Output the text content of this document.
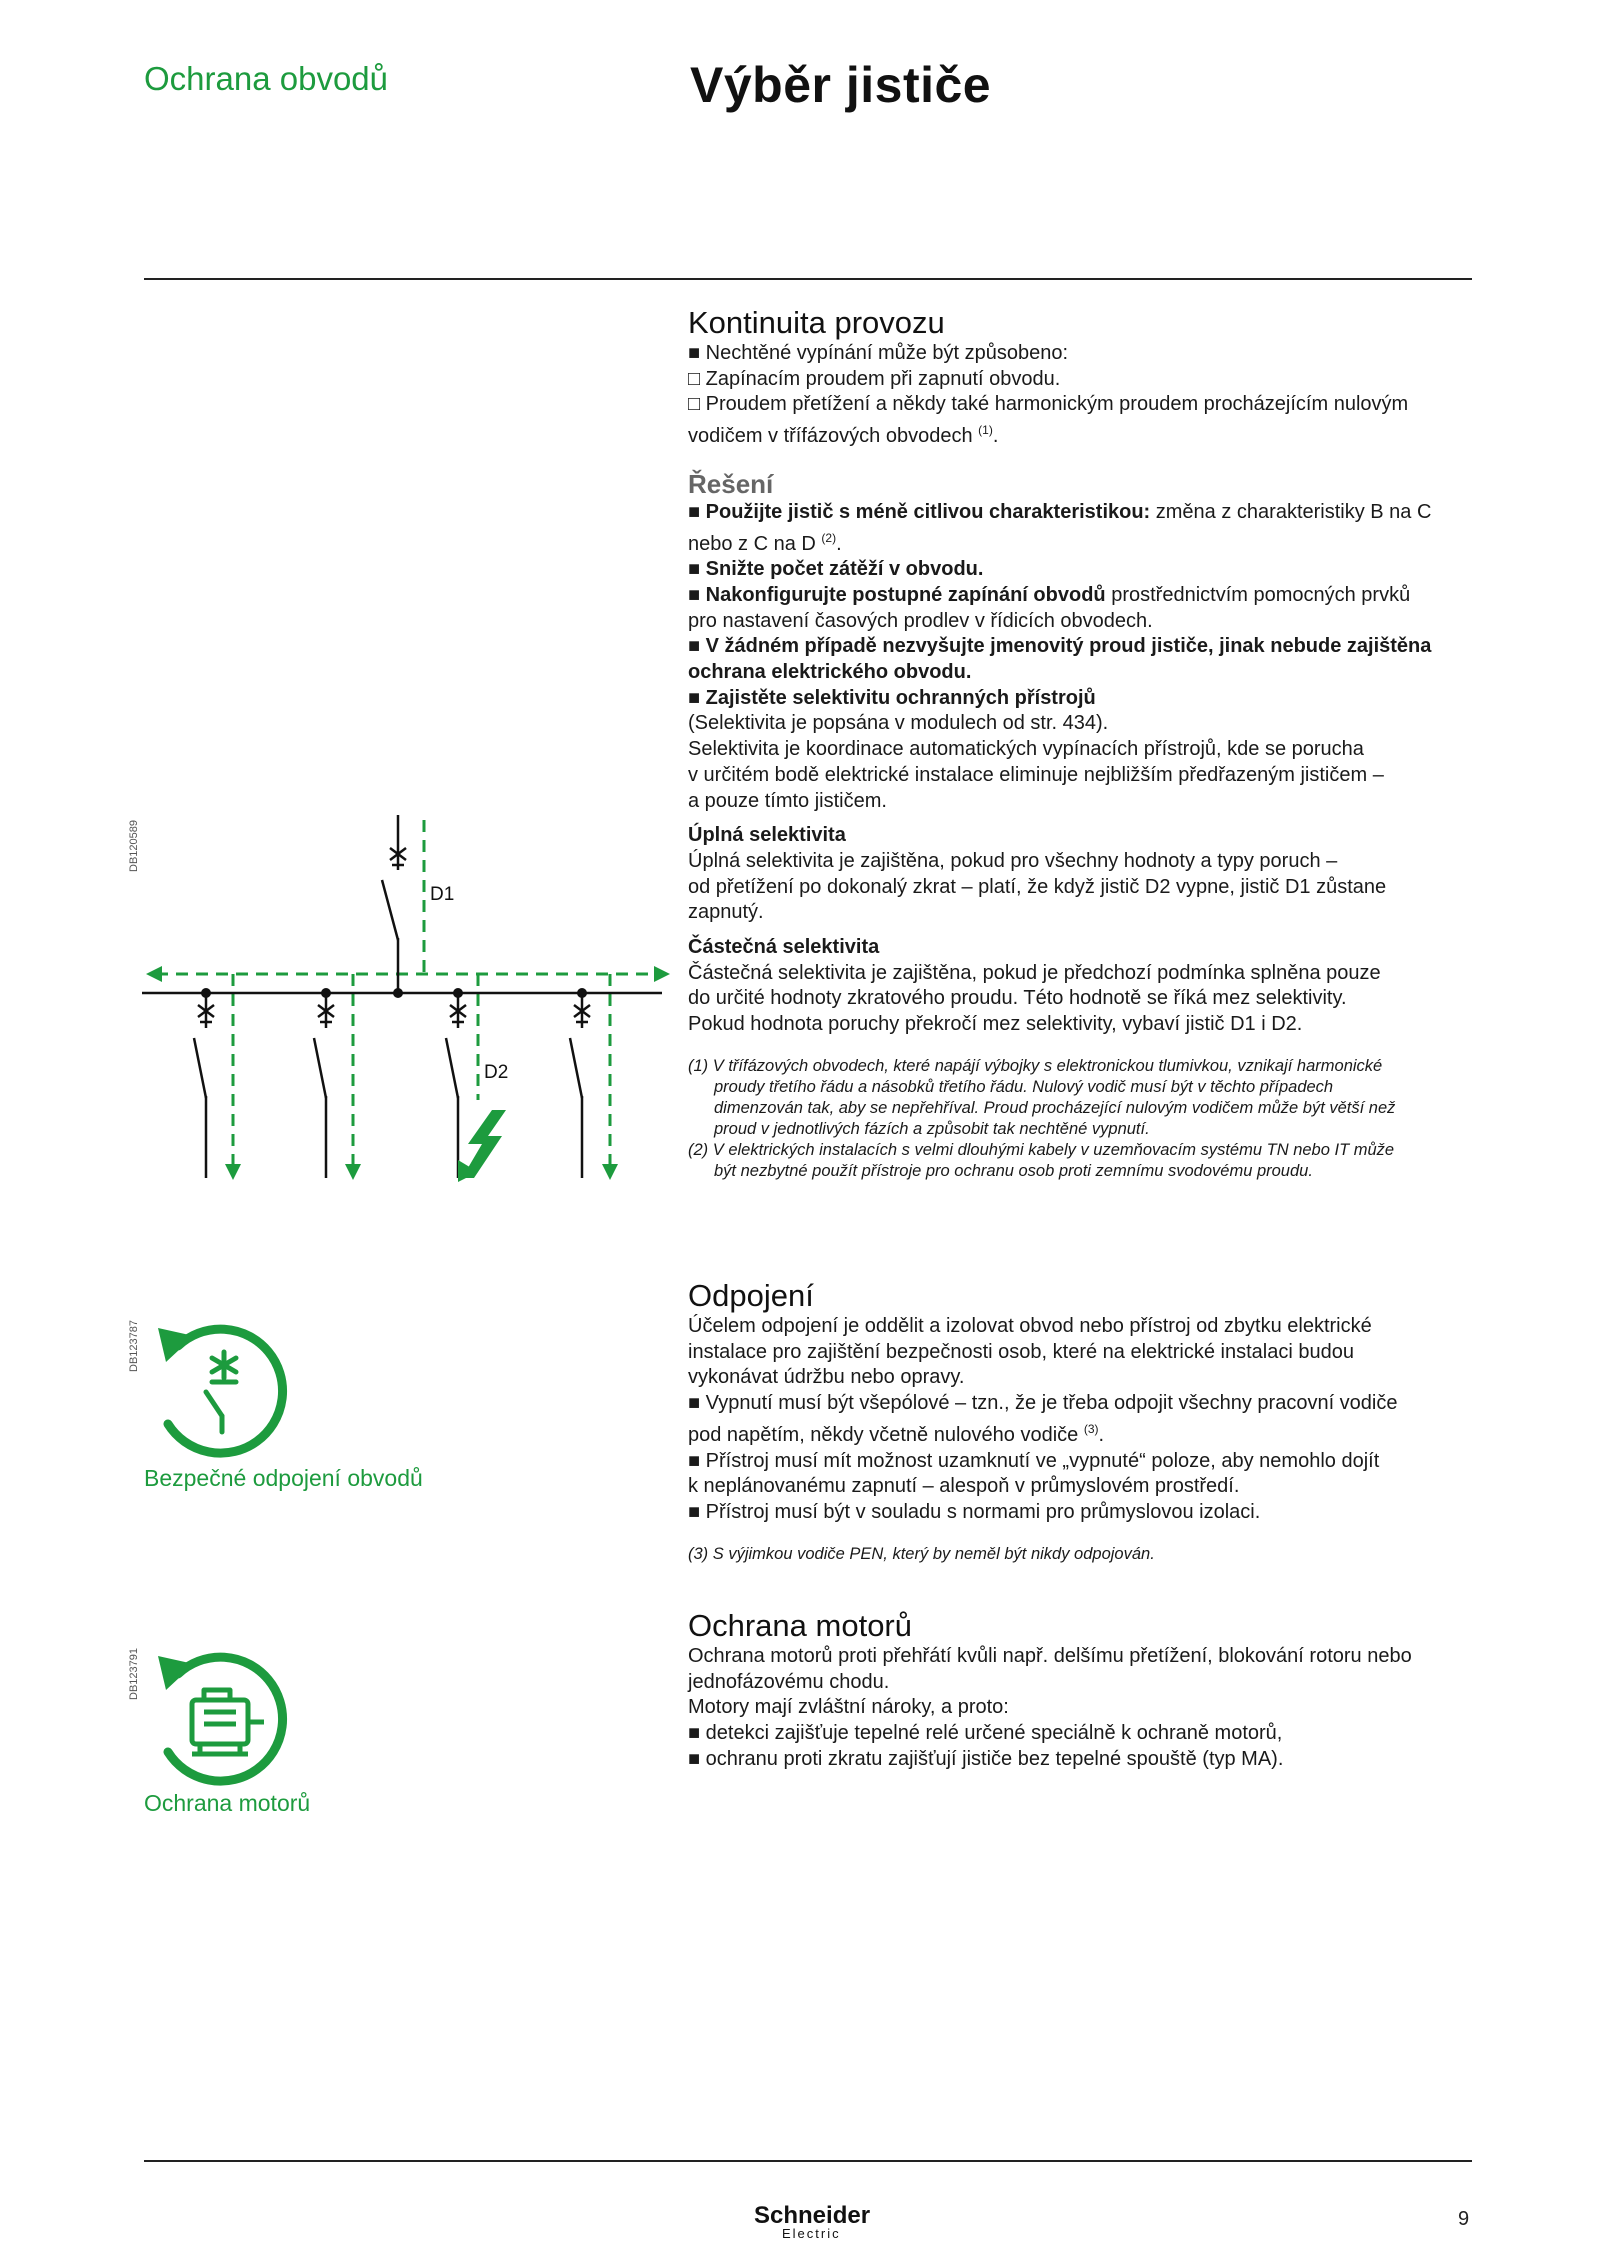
Ochrana obvodů	Výběr jističe

Kontinuita provozu

■ Nechtěné vypínání může být způsobeno:

□ Zapínacím proudem při zapnutí obvodu.

□ Proudem přetížení a někdy také harmonickým proudem procházejícím nulovým

vodičem v třífázových obvodech $^{(1)}$.

Řešení

■ Použijte jistič s méně citlivou charakteristikou: změna z charakteristiky B na C

nebo z C na D $^{(2)}$.

■ Snižte počet zátěží v obvodu.

■ Nakonfigurujte postupné zapínání obvodů prostřednictvím pomocných prvků

pro nastavení časových prodlev v řídicích obvodech.

■ V žádném případě nezvyšujte jmenovitý proud jističe, jinak nebude zajištěna

ochrana elektrického obvodu.

■ Zajistěte selektivitu ochranných přístrojů

(Selektivita je popsána v modulech od str. 434).

Selektivita je koordinace automatických vypínacích přístrojů, kde se porucha

v určitém bodě elektrické instalace eliminuje nejbližším předřazeným jističem –

a pouze tímto jističem.

Úplná selektivita

Úplná selektivita je zajištěna, pokud pro všechny hodnoty a typy poruch –

od přetížení po dokonalý zkrat – platí, že když jistič D2 vypne, jistič D1 zůstane

zapnutý.

Částečná selektivita

Částečná selektivita je zajištěna, pokud je předchozí podmínka splněna pouze

do určité hodnoty zkratového proudu. Této hodnotě se říká mez selektivity.

Pokud hodnota poruchy překročí mez selektivity, vybaví jistič D1 i D2.

(1) V třífázových obvodech, které napájí výbojky s elektronickou tlumivkou, vznikají harmonické
proudy třetího řádu a násobků třetího řádu. Nulový vodič musí být v těchto případech
dimenzován tak, aby se nepřehříval. Proud procházející nulovým vodičem může být větší než
proud v jednotlivých fázích a způsobit tak nechtěné vypnutí.
(2) V elektrických instalacích s velmi dlouhými kabely v uzemňovacím systému TN nebo IT může
být nezbytné použít přístroje pro ochranu osob proti zemnímu svodovému proudu.

Odpojení

Účelem odpojení je oddělit a izolovat obvod nebo přístroj od zbytku elektrické

instalace pro zajištění bezpečnosti osob, které na elektrické instalaci budou

vykonávat údržbu nebo opravy.

■ Vypnutí musí být všepólové – tzn., že je třeba odpojit všechny pracovní vodiče

pod napětím, někdy včetně nulového vodiče $^{(3)}$.

■ Přístroj musí mít možnost uzamknutí ve „vypnuté“ poloze, aby nemohlo dojít

k neplánovanému zapnutí – alespoň v průmyslovém prostředí.

■ Přístroj musí být v souladu s normami pro průmyslovou izolaci.

(3) S výjimkou vodiče PEN, který by neměl být nikdy odpojován.

Ochrana motorů

Ochrana motorů proti přehřátí kvůli např. delšímu přetížení, blokování rotoru nebo

jednofázovému chodu.

Motory mají zvláštní nároky, a proto:

■ detekci zajišťuje tepelné relé určené speciálně k ochraně motorů,

■ ochranu proti zkratu zajišťují jističe bez tepelné spouště (typ MA).

DB120589
D1
D2
DB123787
Bezpečné odpojení obvodů
DB123791
Ochrana motorů
Schneider
Electric
9
